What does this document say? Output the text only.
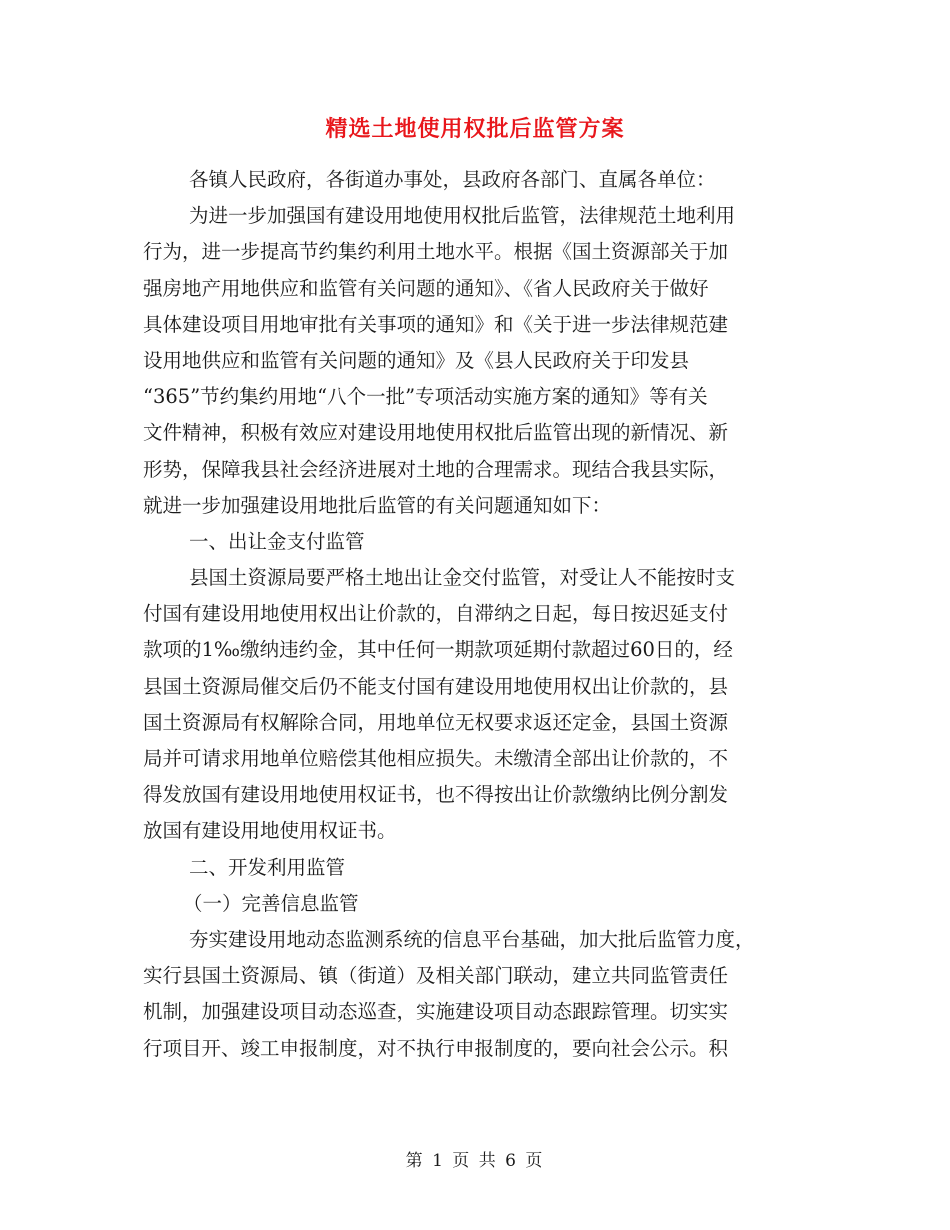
精选土地使用权批后监管方案
各镇人民政府，各街道办事处，县政府各部门、直属各单位：
为进一步加强国有建设用地使用权批后监管，法律规范土地利用
行为，进一步提高节约集约利用土地水平。根据《国土资源部关于加
强房地产用地供应和监管有关问题的通知》、《省人民政府关于做好
具体建设项目用地审批有关事项的通知》和《关于进一步法律规范建
设用地供应和监管有关问题的通知》及《县人民政府关于印发县
“365”节约集约用地“八个一批”专项活动实施方案的通知》等有关
文件精神，积极有效应对建设用地使用权批后监管出现的新情况、新
形势，保障我县社会经济进展对土地的合理需求。现结合我县实际，
就进一步加强建设用地批后监管的有关问题通知如下：
一、出让金支付监管
县国土资源局要严格土地出让金交付监管，对受让人不能按时支
付国有建设用地使用权出让价款的，自滞纳之日起，每日按迟延支付
款项的1‰缴纳违约金，其中任何一期款项延期付款超过60日的，经
县国土资源局催交后仍不能支付国有建设用地使用权出让价款的，县
国土资源局有权解除合同，用地单位无权要求返还定金，县国土资源
局并可请求用地单位赔偿其他相应损失。未缴清全部出让价款的，不
得发放国有建设用地使用权证书，也不得按出让价款缴纳比例分割发
放国有建设用地使用权证书。
二、开发利用监管
（一）完善信息监管
夯实建设用地动态监测系统的信息平台基础，加大批后监管力度，
实行县国土资源局、镇（街道）及相关部门联动，建立共同监管责任
机制，加强建设项目动态巡查，实施建设项目动态跟踪管理。切实实
行项目开、竣工申报制度，对不执行申报制度的，要向社会公示。积
第 1 页 共 6 页
